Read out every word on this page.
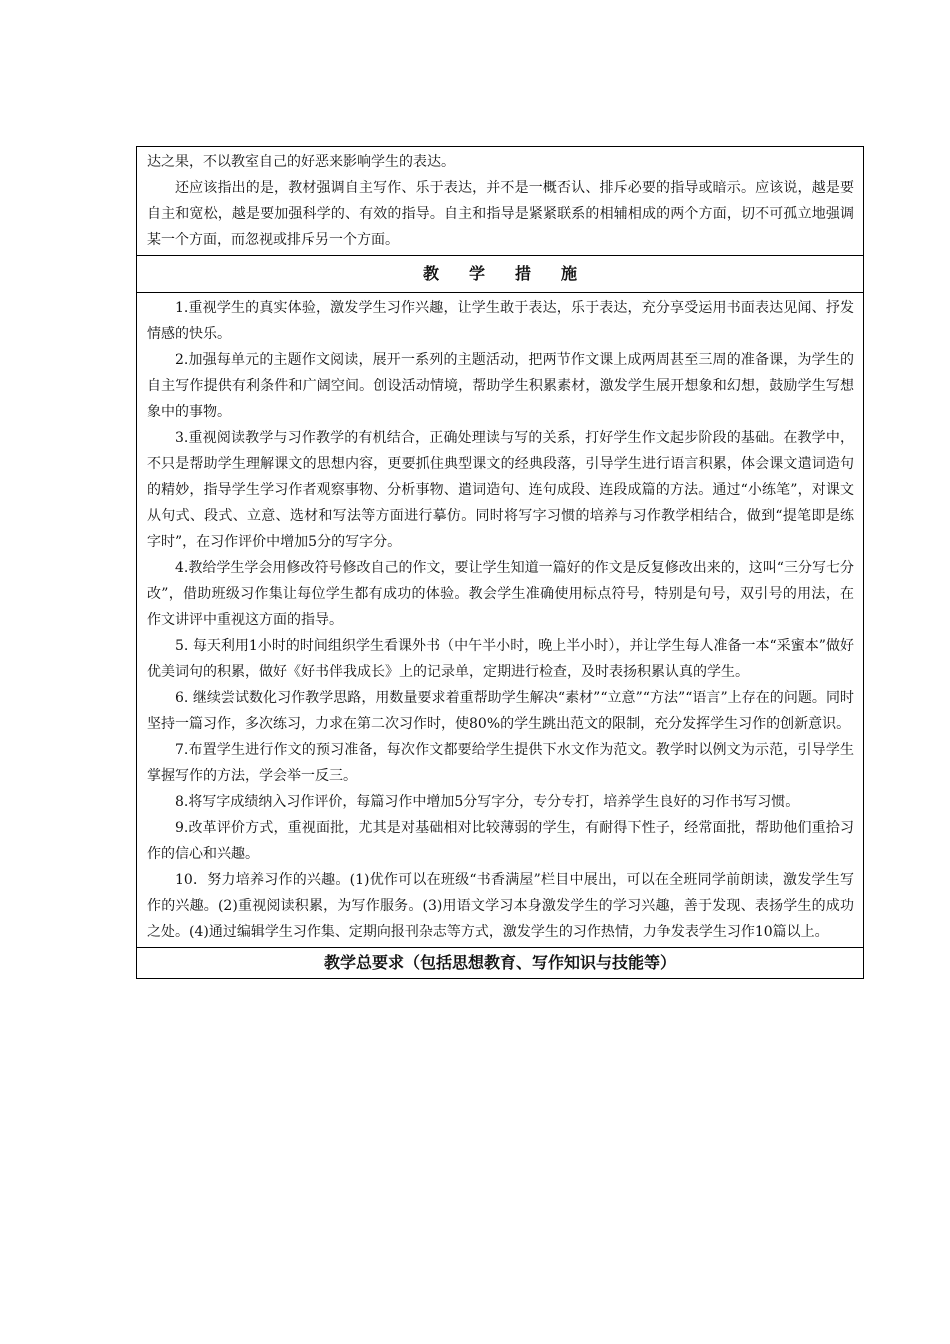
达之果，不以教室自己的好恶来影响学生的表达。

还应该指出的是，教材强调自主写作、乐于表达，并不是一概否认、排斥必要的指导或暗示。应该说，越是要自主和宽松，越是要加强科学的、有效的指导。自主和指导是紧紧联系的相辅相成的两个方面，切不可孤立地强调某一个方面，而忽视或排斥另一个方面。

教学措施

1.重视学生的真实体验，激发学生习作兴趣，让学生敢于表达，乐于表达，充分享受运用书面表达见闻、抒发情感的快乐。

2.加强每单元的主题作文阅读，展开一系列的主题活动，把两节作文课上成两周甚至三周的准备课，为学生的自主写作提供有利条件和广阔空间。创设活动情境，帮助学生积累素材，激发学生展开想象和幻想，鼓励学生写想象中的事物。

3.重视阅读教学与习作教学的有机结合，正确处理读与写的关系，打好学生作文起步阶段的基础。在教学中，不只是帮助学生理解课文的思想内容，更要抓住典型课文的经典段落，引导学生进行语言积累，体会课文遣词造句的精妙，指导学生学习作者观察事物、分析事物、遣词造句、连句成段、连段成篇的方法。通过“小练笔”，对课文从句式、段式、立意、选材和写法等方面进行摹仿。同时将写字习惯的培养与习作教学相结合，做到“提笔即是练字时”，在习作评价中增加5分的写字分。

4.教给学生学会用修改符号修改自己的作文，要让学生知道一篇好的作文是反复修改出来的，这叫“三分写七分改”，借助班级习作集让每位学生都有成功的体验。教会学生准确使用标点符号，特别是句号，双引号的用法，在作文讲评中重视这方面的指导。

5. 每天利用1小时的时间组织学生看课外书（中午半小时，晚上半小时），并让学生每人准备一本“采蜜本”做好优美词句的积累，做好《好书伴我成长》上的记录单，定期进行检查，及时表扬积累认真的学生。

6. 继续尝试数化习作教学思路，用数量要求着重帮助学生解决“素材”“立意”“方法”“语言”上存在的问题。同时坚持一篇习作，多次练习，力求在第二次习作时，使80%的学生跳出范文的限制，充分发挥学生习作的创新意识。

7.布置学生进行作文的预习准备，每次作文都要给学生提供下水文作为范文。教学时以例文为示范，引导学生掌握写作的方法，学会举一反三。

8.将写字成绩纳入习作评价，每篇习作中增加5分写字分，专分专打，培养学生良好的习作书写习惯。

9.改革评价方式，重视面批，尤其是对基础相对比较薄弱的学生，有耐得下性子，经常面批，帮助他们重拾习作的信心和兴趣。

10．努力培养习作的兴趣。(1)优作可以在班级“书香满屋”栏目中展出，可以在全班同学前朗读，激发学生写作的兴趣。(2)重视阅读积累，为写作服务。(3)用语文学习本身激发学生的学习兴趣，善于发现、表扬学生的成功之处。(4)通过编辑学生习作集、定期向报刊杂志等方式，激发学生的习作热情，力争发表学生习作10篇以上。

教学总要求（包括思想教育、写作知识与技能等）
